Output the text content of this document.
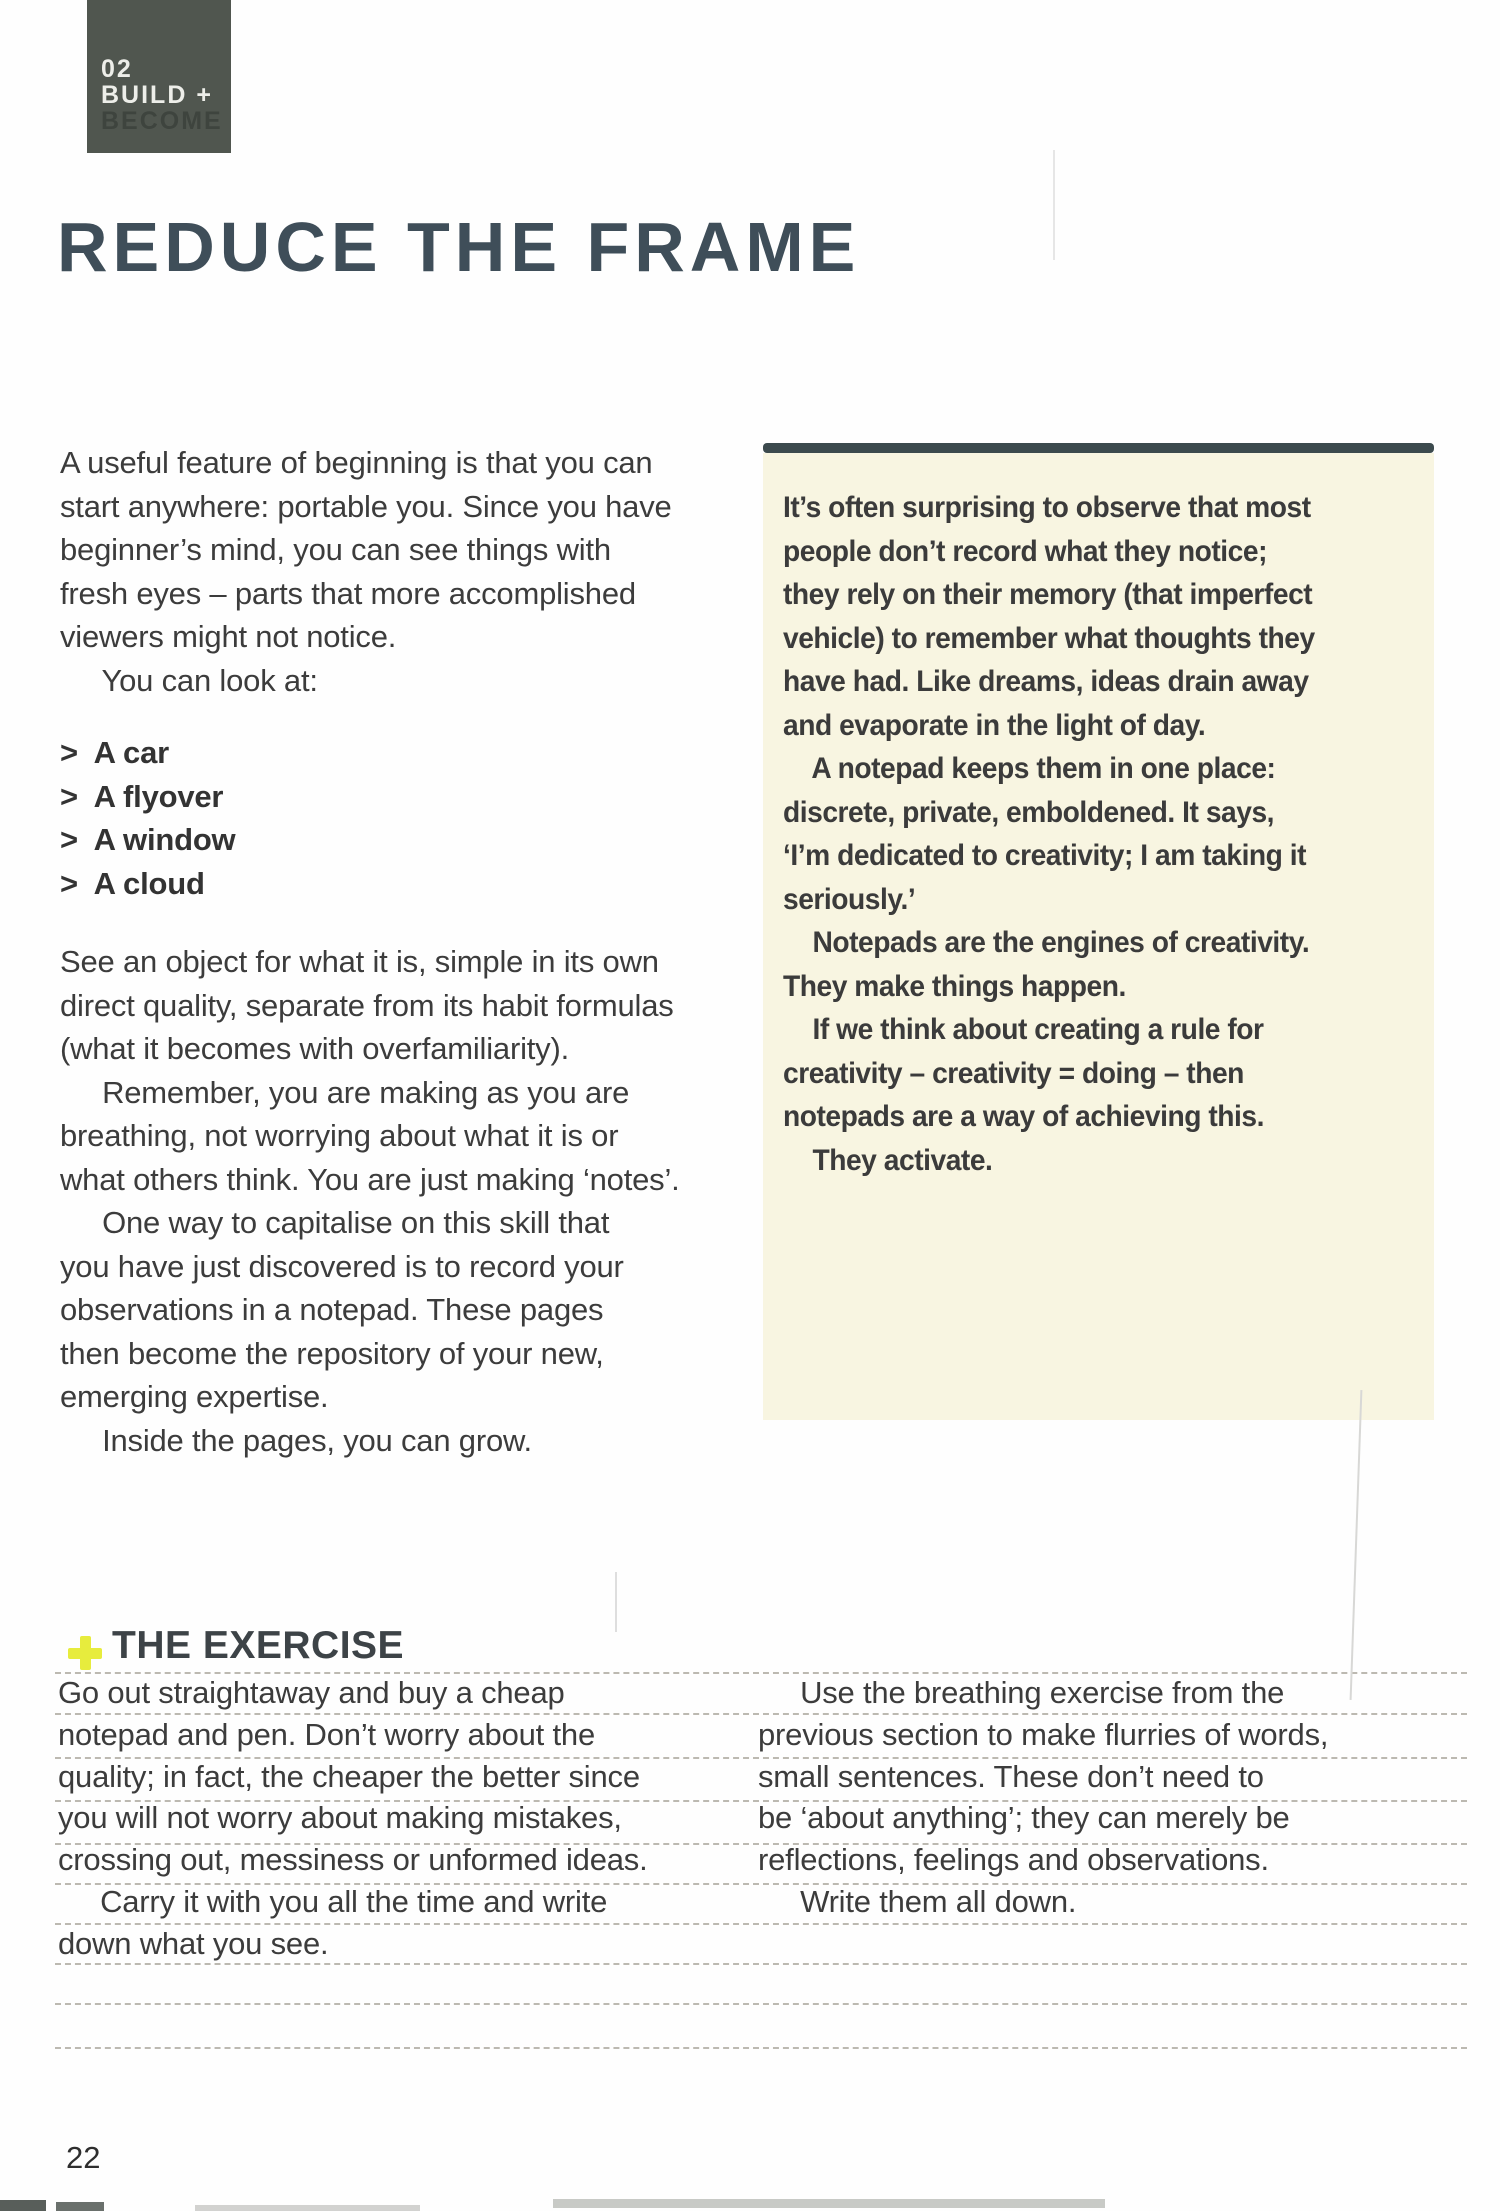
02
BUILD +
BECOME
REDUCE THE FRAME
A useful feature of beginning is that you can
start anywhere: portable you. Since you have
beginner’s mind, you can see things with
fresh eyes – parts that more accomplished
viewers might not notice.
You can look at:
>  A car
>  A flyover
>  A window
>  A cloud
See an object for what it is, simple in its own
direct quality, separate from its habit formulas
(what it becomes with overfamiliarity).
Remember, you are making as you are
breathing, not worrying about what it is or
what others think. You are just making ‘notes’.
One way to capitalise on this skill that
you have just discovered is to record your
observations in a notepad. These pages
then become the repository of your new,
emerging expertise.
Inside the pages, you can grow.
It’s often surprising to observe that most
people don’t record what they notice;
they rely on their memory (that imperfect
vehicle) to remember what thoughts they
have had. Like dreams, ideas drain away
and evaporate in the light of day.
A notepad keeps them in one place:
discrete, private, emboldened. It says,
‘I’m dedicated to creativity; I am taking it
seriously.’
Notepads are the engines of creativity.
They make things happen.
If we think about creating a rule for
creativity – creativity = doing – then
notepads are a way of achieving this.
They activate.
THE EXERCISE
Go out straightaway and buy a cheap
notepad and pen. Don’t worry about the
quality; in fact, the cheaper the better since
you will not worry about making mistakes,
crossing out, messiness or unformed ideas.
Carry it with you all the time and write
down what you see.
Use the breathing exercise from the
previous section to make flurries of words,
small sentences. These don’t need to
be ‘about anything’; they can merely be
reflections, feelings and observations.
Write them all down.
22
